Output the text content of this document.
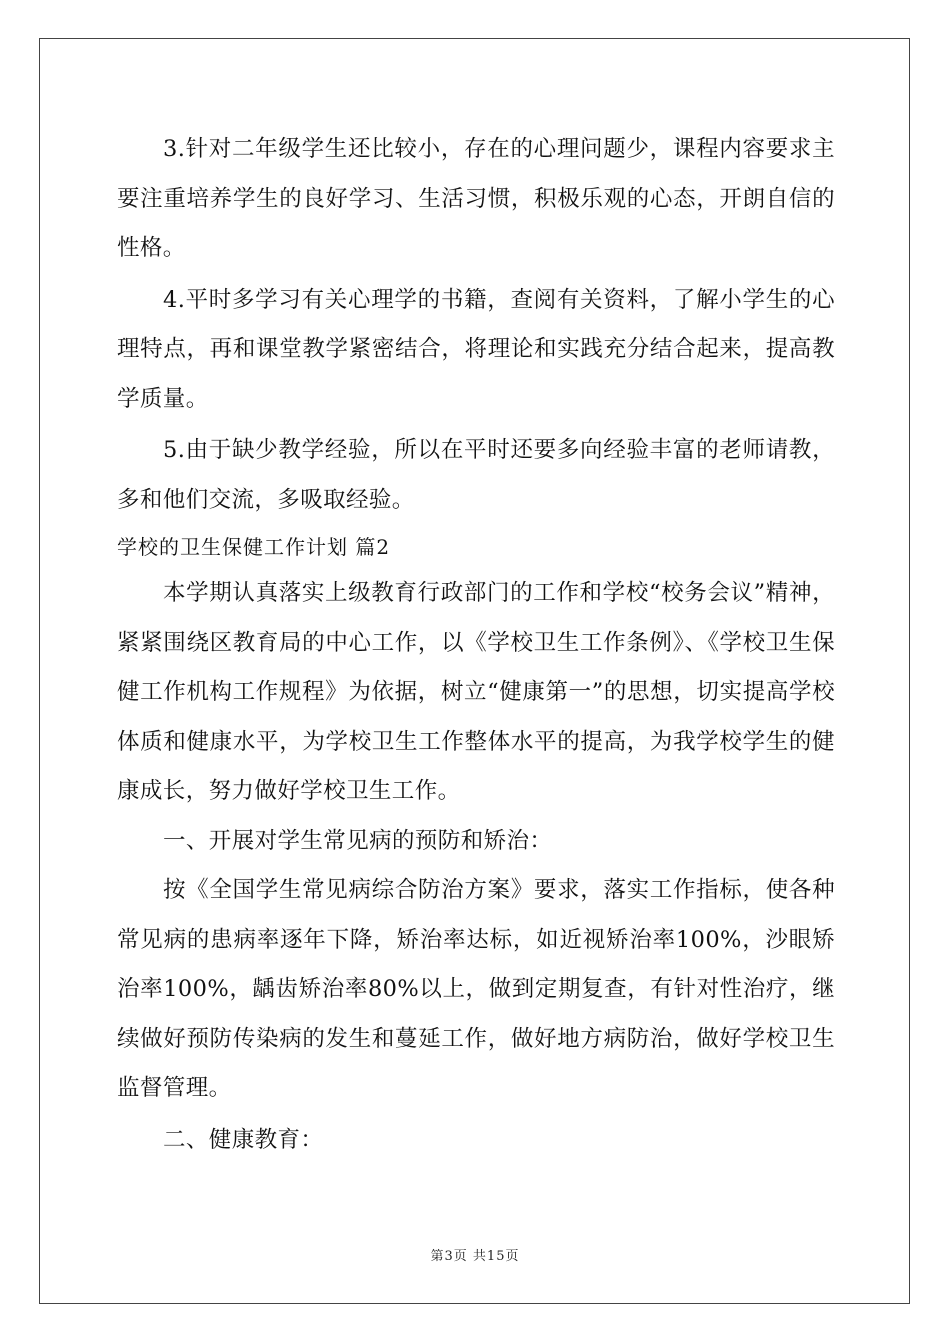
3.针对二年级学生还比较小，存在的心理问题少，课程内容要求主要注重培养学生的良好学习、生活习惯，积极乐观的心态，开朗自信的性格。

4.平时多学习有关心理学的书籍，查阅有关资料，了解小学生的心理特点，再和课堂教学紧密结合，将理论和实践充分结合起来，提高教学质量。

5.由于缺少教学经验，所以在平时还要多向经验丰富的老师请教，多和他们交流，多吸取经验。

学校的卫生保健工作计划 篇2

本学期认真落实上级教育行政部门的工作和学校“校务会议”精神，紧紧围绕区教育局的中心工作，以《学校卫生工作条例》、《学校卫生保健工作机构工作规程》为依据，树立“健康第一”的思想，切实提高学校体质和健康水平，为学校卫生工作整体水平的提高，为我学校学生的健康成长，努力做好学校卫生工作。

一、开展对学生常见病的预防和矫治：

按《全国学生常见病综合防治方案》要求，落实工作指标，使各种常见病的患病率逐年下降，矫治率达标，如近视矫治率100%，沙眼矫治率100%，龋齿矫治率80%以上，做到定期复查，有针对性治疗，继续做好预防传染病的发生和蔓延工作，做好地方病防治，做好学校卫生监督管理。

二、健康教育：

第3页 共15页
